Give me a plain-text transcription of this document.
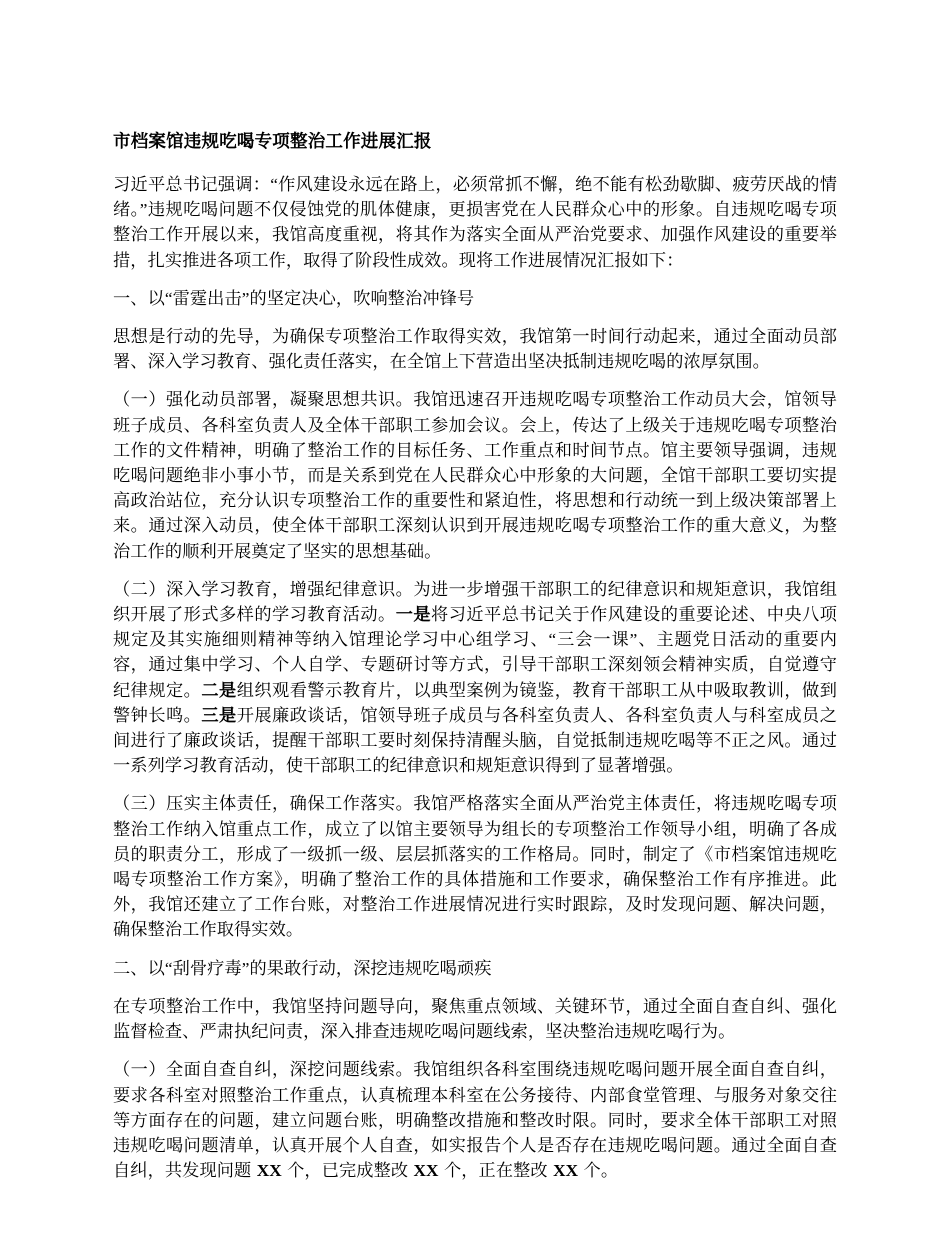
市档案馆违规吃喝专项整治工作进展汇报

习近平总书记强调：“作风建设永远在路上，必须常抓不懈，绝不能有松劲歇脚、疲劳厌战的情绪。”违规吃喝问题不仅侵蚀党的肌体健康，更损害党在人民群众心中的形象。自违规吃喝专项整治工作开展以来，我馆高度重视，将其作为落实全面从严治党要求、加强作风建设的重要举措，扎实推进各项工作，取得了阶段性成效。现将工作进展情况汇报如下：

一、以“雷霆出击”的坚定决心，吹响整治冲锋号

思想是行动的先导，为确保专项整治工作取得实效，我馆第一时间行动起来，通过全面动员部署、深入学习教育、强化责任落实，在全馆上下营造出坚决抵制违规吃喝的浓厚氛围。

（一）强化动员部署，凝聚思想共识。我馆迅速召开违规吃喝专项整治工作动员大会，馆领导班子成员、各科室负责人及全体干部职工参加会议。会上，传达了上级关于违规吃喝专项整治工作的文件精神，明确了整治工作的目标任务、工作重点和时间节点。馆主要领导强调，违规吃喝问题绝非小事小节，而是关系到党在人民群众心中形象的大问题，全馆干部职工要切实提高政治站位，充分认识专项整治工作的重要性和紧迫性，将思想和行动统一到上级决策部署上来。通过深入动员，使全体干部职工深刻认识到开展违规吃喝专项整治工作的重大意义，为整治工作的顺利开展奠定了坚实的思想基础。

（二）深入学习教育，增强纪律意识。为进一步增强干部职工的纪律意识和规矩意识，我馆组织开展了形式多样的学习教育活动。一是将习近平总书记关于作风建设的重要论述、中央八项规定及其实施细则精神等纳入馆理论学习中心组学习、“三会一课”、主题党日活动的重要内容，通过集中学习、个人自学、专题研讨等方式，引导干部职工深刻领会精神实质，自觉遵守纪律规定。二是组织观看警示教育片，以典型案例为镜鉴，教育干部职工从中吸取教训，做到警钟长鸣。三是开展廉政谈话，馆领导班子成员与各科室负责人、各科室负责人与科室成员之间进行了廉政谈话，提醒干部职工要时刻保持清醒头脑，自觉抵制违规吃喝等不正之风。通过一系列学习教育活动，使干部职工的纪律意识和规矩意识得到了显著增强。

（三）压实主体责任，确保工作落实。我馆严格落实全面从严治党主体责任，将违规吃喝专项整治工作纳入馆重点工作，成立了以馆主要领导为组长的专项整治工作领导小组，明确了各成员的职责分工，形成了一级抓一级、层层抓落实的工作格局。同时，制定了《市档案馆违规吃喝专项整治工作方案》，明确了整治工作的具体措施和工作要求，确保整治工作有序推进。此外，我馆还建立了工作台账，对整治工作进展情况进行实时跟踪，及时发现问题、解决问题，确保整治工作取得实效。

二、以“刮骨疗毒”的果敢行动，深挖违规吃喝顽疾

在专项整治工作中，我馆坚持问题导向，聚焦重点领域、关键环节，通过全面自查自纠、强化监督检查、严肃执纪问责，深入排查违规吃喝问题线索，坚决整治违规吃喝行为。

（一）全面自查自纠，深挖问题线索。我馆组织各科室围绕违规吃喝问题开展全面自查自纠，要求各科室对照整治工作重点，认真梳理本科室在公务接待、内部食堂管理、与服务对象交往等方面存在的问题，建立问题台账，明确整改措施和整改时限。同时，要求全体干部职工对照违规吃喝问题清单，认真开展个人自查，如实报告个人是否存在违规吃喝问题。通过全面自查自纠，共发现问题 XX 个，已完成整改 XX 个，正在整改 XX 个。
